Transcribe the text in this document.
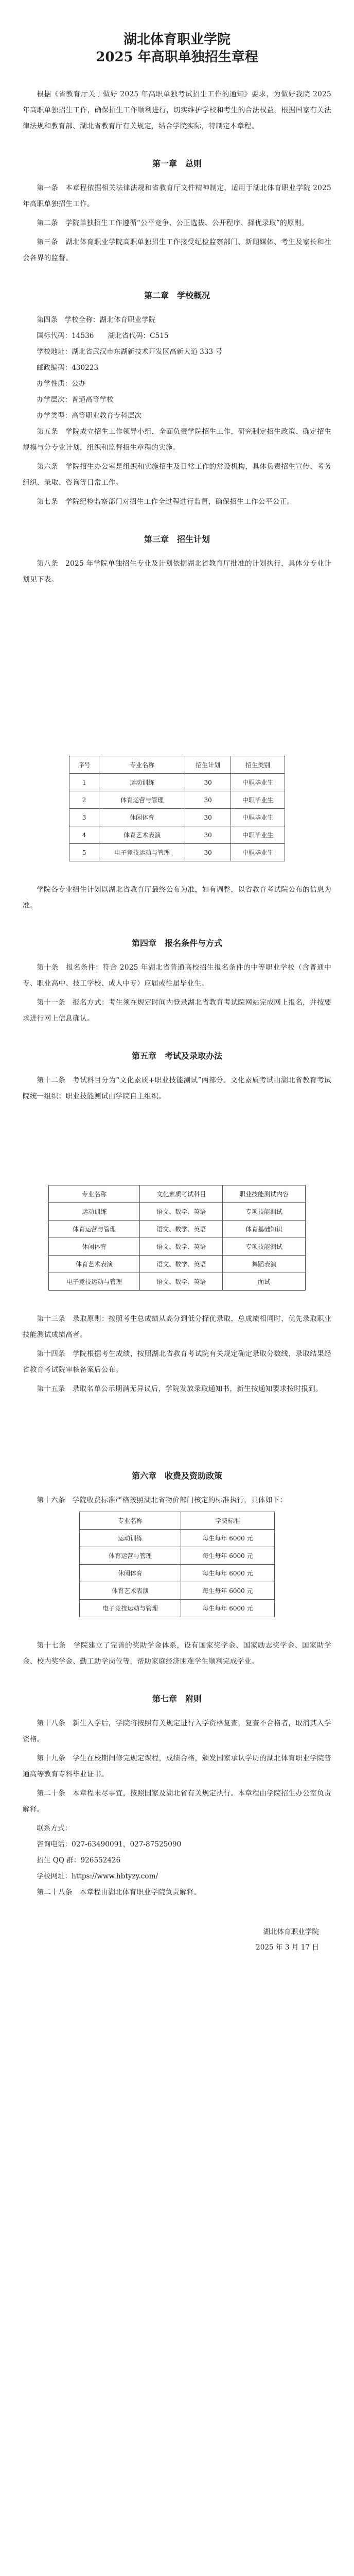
湖北体育职业学院
2025 年高职单独招生章程

根据《省教育厅关于做好 2025 年高职单独考试招生工作的通知》要求，为做好我院 2025 年高职单独招生工作，确保招生工作顺利进行，切实维护学校和考生的合法权益，根据国家有关法律法规和教育部、湖北省教育厅有关规定，结合学院实际，特制定本章程。

第一章　总则

第一条　本章程依据相关法律法规和省教育厅文件精神制定，适用于湖北体育职业学院 2025 年高职单独招生工作。

第二条　学院单独招生工作遵循“公平竞争、公正选拔、公开程序、择优录取”的原则。

第三条　湖北体育职业学院高职单独招生工作接受纪检监察部门、新闻媒体、考生及家长和社会各界的监督。

第二章　学校概况

第四条　学校全称：湖北体育职业学院

国标代码：14536　　湖北省代码：C515

学校地址：湖北省武汉市东湖新技术开发区高新大道 333 号

邮政编码：430223

办学性质：公办

办学层次：普通高等学校

办学类型：高等职业教育专科层次

第五条　学院成立招生工作领导小组，全面负责学院招生工作，研究制定招生政策、确定招生规模与分专业计划，组织和监督招生章程的实施。

第六条　学院招生办公室是组织和实施招生及日常工作的常设机构，具体负责招生宣传、考务组织、录取、咨询等日常工作。

第七条　学院纪检监察部门对招生工作全过程进行监督，确保招生工作公平公正。

第三章　招生计划

第八条　2025 年学院单独招生专业及计划依据湖北省教育厅批准的计划执行，具体分专业计划见下表。

序号	专业名称	招生计划	招生类别
1	运动训练	30	中职毕业生
2	体育运营与管理	30	中职毕业生
3	休闲体育	30	中职毕业生
4	体育艺术表演	30	中职毕业生
5	电子竞技运动与管理	30	中职毕业生

学院各专业招生计划以湖北省教育厅最终公布为准，如有调整，以省教育考试院公布的信息为准。

第四章　报名条件与方式

第十条　报名条件：符合 2025 年湖北省普通高校招生报名条件的中等职业学校（含普通中专、职业高中、技工学校、成人中专）应届或往届毕业生。

第十一条　报名方式：考生须在规定时间内登录湖北省教育考试院网站完成网上报名，并按要求进行网上信息确认。

第五章　考试及录取办法

第十二条　考试科目分为“文化素质+职业技能测试”两部分。文化素质考试由湖北省教育考试院统一组织；职业技能测试由学院自主组织。

专业名称	文化素质考试科目	职业技能测试内容
运动训练	语文、数学、英语	专项技能测试
体育运营与管理	语文、数学、英语	体育基础知识
休闲体育	语文、数学、英语	专项技能测试
体育艺术表演	语文、数学、英语	舞蹈表演
电子竞技运动与管理	语文、数学、英语	面试

第十三条　录取原则：按照考生总成绩从高分到低分择优录取，总成绩相同时，优先录取职业技能测试成绩高者。

第十四条　学院根据考生成绩，按照湖北省教育考试院有关规定确定录取分数线，录取结果经省教育考试院审核备案后公布。

第十五条　录取名单公示期满无异议后，学院发放录取通知书，新生按通知要求按时报到。

第六章　收费及资助政策

第十六条　学院收费标准严格按照湖北省物价部门核定的标准执行，具体如下：

专业名称	学费标准
运动训练	每生每年 6000 元
体育运营与管理	每生每年 6000 元
休闲体育	每生每年 6000 元
体育艺术表演	每生每年 6000 元
电子竞技运动与管理	每生每年 6000 元

第十七条　学院建立了完善的奖助学金体系，设有国家奖学金、国家励志奖学金、国家助学金、校内奖学金、勤工助学岗位等，帮助家庭经济困难学生顺利完成学业。

第七章　附则

第十八条　新生入学后，学院将按照有关规定进行入学资格复查，复查不合格者，取消其入学资格。

第十九条　学生在校期间修完规定课程，成绩合格，颁发国家承认学历的湖北体育职业学院普通高等教育专科毕业证书。

第二十条　本章程未尽事宜，按照国家及湖北省有关规定执行。本章程由学院招生办公室负责解释。

联系方式：

咨询电话：027-63490091，027-87525090

招生 QQ 群：926552426

学校网址：https://www.hbtyzy.com/

第二十八条　本章程由湖北体育职业学院负责解释。

湖北体育职业学院
2025 年 3 月 17 日
